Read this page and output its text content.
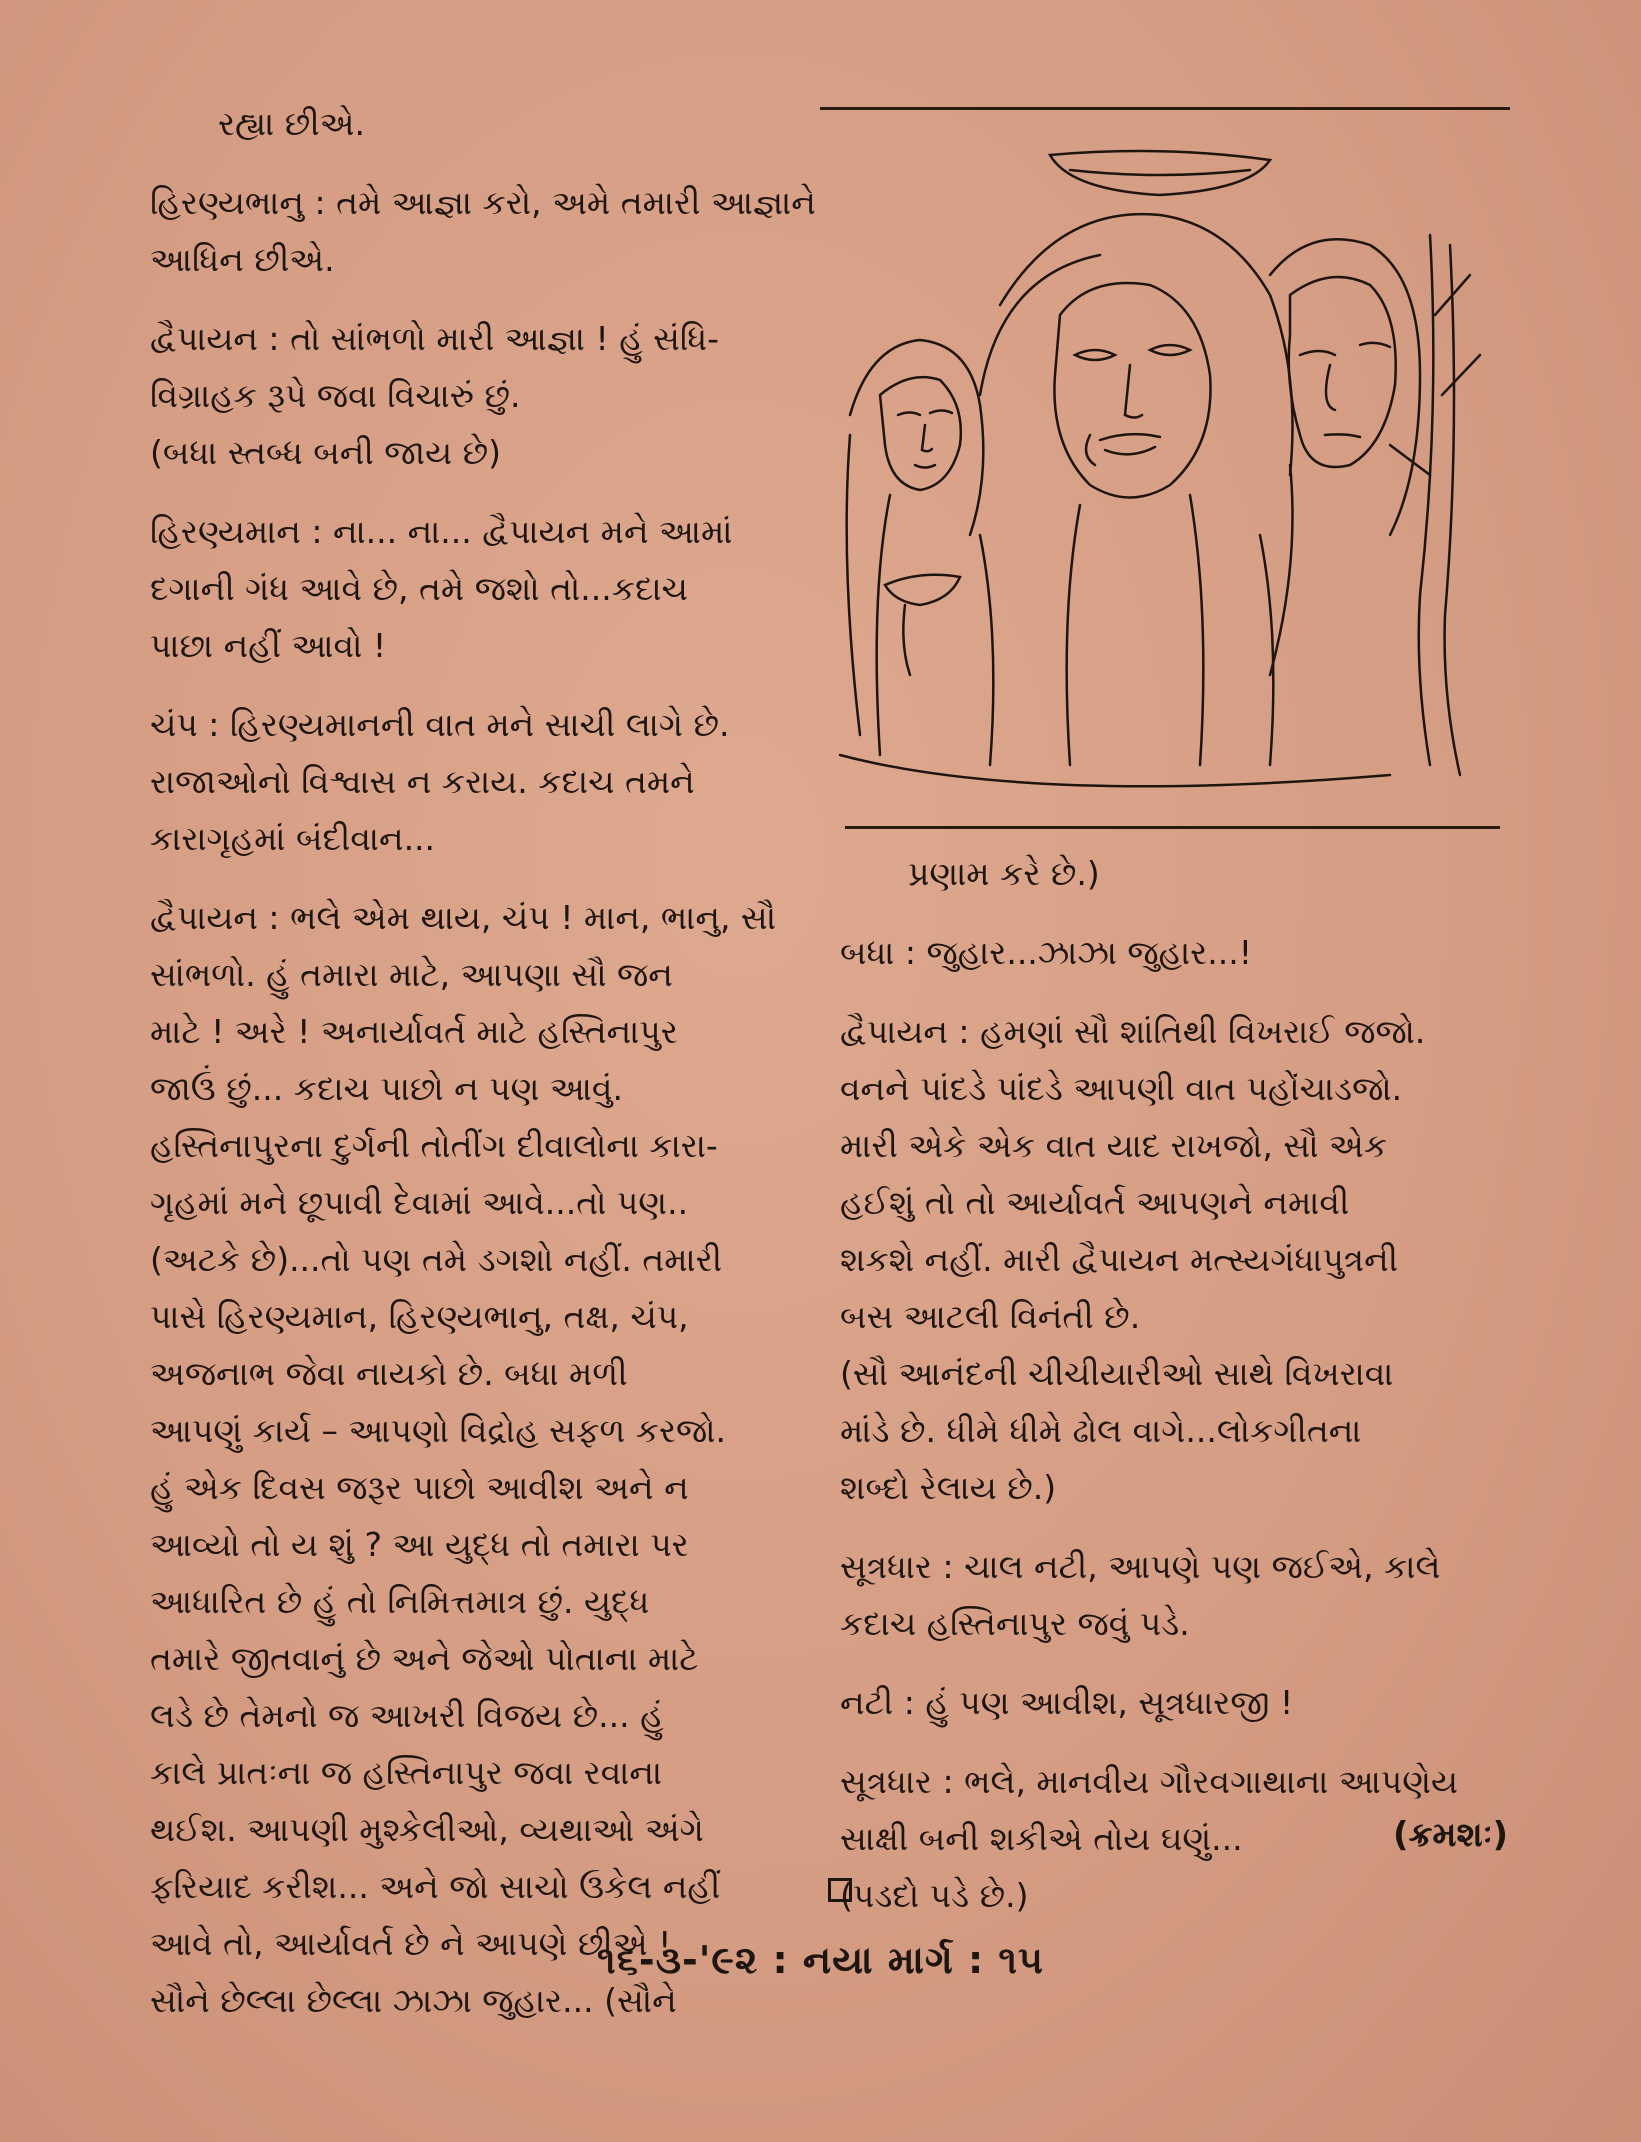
રહ્યા છીએ.
હિરણ્યભાનુ : તમે આજ્ઞા કરો, અમે તમારી આજ્ઞાને
આધિન છીએ.
દ્વૈપાયન : તો સાંભળો મારી આજ્ઞા ! હું સંધિ-
વિગ્રાહક રૂપે જવા વિચારું છું.
(બધા સ્તબ્ધ બની જાય છે)
હિરણ્યમાન : ના... ના... દ્વૈપાયન મને આમાં
દગાની ગંધ આવે છે, તમે જશો તો...કદાચ
પાછા નહીં આવો !
ચંપ : હિરણ્યમાનની વાત મને સાચી લાગે છે.
રાજાઓનો વિશ્વાસ ન કરાય. કદાચ તમને
કારાગૃહમાં બંદીવાન...
દ્વૈપાયન : ભલે એમ થાય, ચંપ ! માન, ભાનુ, સૌ
સાંભળો. હું તમારા માટે, આપણા સૌ જન
માટે ! અરે ! અનાર્યાવર્ત માટે હસ્તિનાપુર
જાઉં છું... કદાચ પાછો ન પણ આવું.
હસ્તિનાપુરના દુર્ગની તોતીંગ દીવાલોના કારા-
ગૃહમાં મને છૂપાવી દેવામાં આવે...તો પણ..
(અટકે છે)...તો પણ તમે ડગશો નહીં. તમારી
પાસે હિરણ્યમાન, હિરણ્યભાનુ, તક્ષ, ચંપ,
અજનાભ જેવા નાયકો છે. બધા મળી
આપણું કાર્ય – આપણો વિદ્રોહ સફળ કરજો.
હું એક દિવસ જરૂર પાછો આવીશ અને ન
આવ્યો તો ય શું ? આ યુદ્ધ તો તમારા પર
આધારિત છે હું તો નિમિત્તમાત્ર છું. યુદ્ધ
તમારે જીતવાનું છે અને જેઓ પોતાના માટે
લડે છે તેમનો જ આખરી વિજય છે... હું
કાલે પ્રાતઃના જ હસ્તિનાપુર જવા રવાના
થઈશ. આપણી મુશ્કેલીઓ, વ્યથાઓ અંગે
ફરિયાદ કરીશ... અને જો સાચો ઉકેલ નહીં
આવે તો, આર્યાવર્ત છે ને આપણે છીએ !
સૌને છેલ્લા છેલ્લા ઝાઝા જુહાર... (સૌને
પ્રણામ કરે છે.)
બધા : જુહાર...ઝાઝા જુહાર...!
દ્વૈપાયન : હમણાં સૌ શાંતિથી વિખરાઈ જજો.
વનને પાંદડે પાંદડે આપણી વાત પહોંચાડજો.
મારી એકે એક વાત યાદ રાખજો, સૌ એક
હઈશું તો તો આર્યાવર્ત આપણને નમાવી
શકશે નહીં. મારી દ્વૈપાયન મત્સ્યગંધાપુત્રની
બસ આટલી વિનંતી છે.
(સૌ આનંદની ચીચીયારીઓ સાથે વિખરાવા
માંડે છે. ધીમે ધીમે ઢોલ વાગે...લોકગીતના
શબ્દો રેલાય છે.)
સૂત્રધાર : ચાલ નટી, આપણે પણ જઈએ, કાલે
કદાચ હસ્તિનાપુર જવું પડે.
નટી : હું પણ આવીશ, સૂત્રધારજી !
સૂત્રધાર : ભલે, માનવીય ગૌરવગાથાના આપણેય
સાક્ષી બની શકીએ તોય ઘણું...
(પડદો પડે છે.)
(ક્રમશઃ)
૧૬-૩-'૯૨ : નયા માર્ગ : ૧૫
